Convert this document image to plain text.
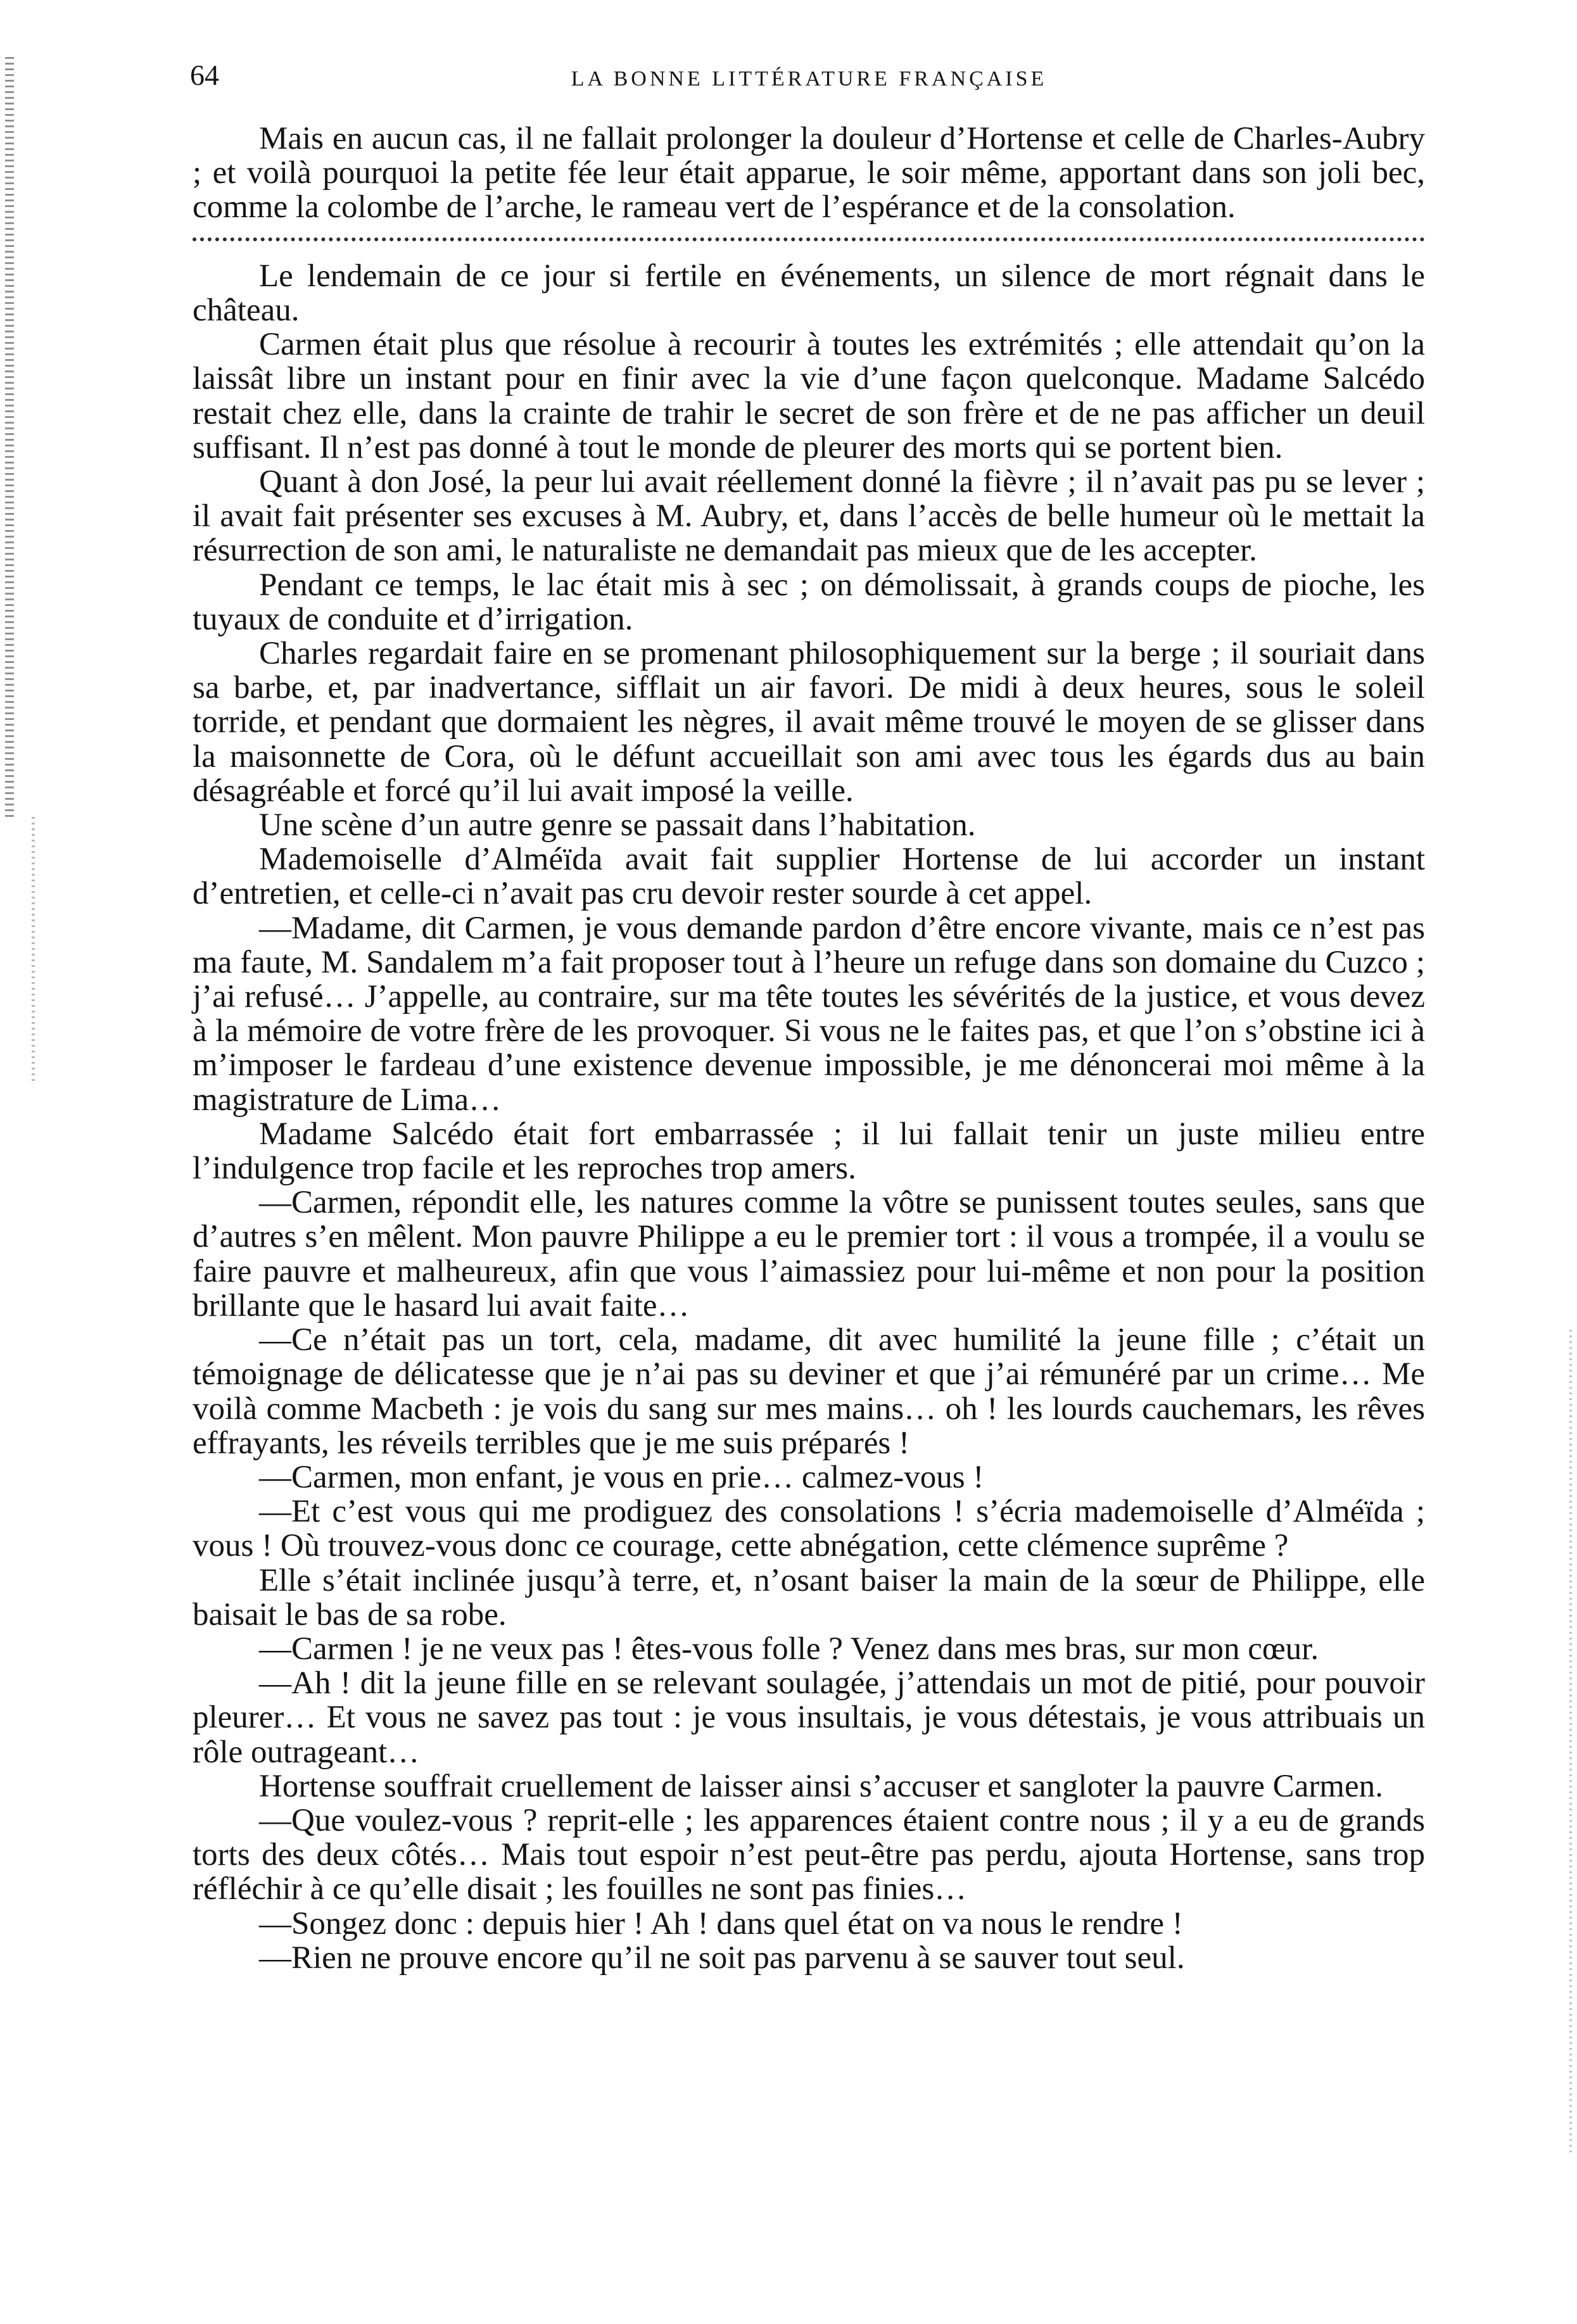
64	LA BONNE LITTÉRATURE FRANÇAISE

Mais en aucun cas, il ne fallait prolonger la douleur d’Hortense et celle de Charles-Aubry ; et voilà pourquoi la petite fée leur était apparue, le soir même, apportant dans son joli bec, comme la colombe de l’arche, le rameau vert de l’espérance et de la consolation.

Le lendemain de ce jour si fertile en événements, un silence de mort régnait dans le château.

Carmen était plus que résolue à recourir à toutes les extrémités ; elle attendait qu’on la laissât libre un instant pour en finir avec la vie d’une façon quelconque. Madame Salcédo restait chez elle, dans la crainte de trahir le secret de son frère et de ne pas afficher un deuil suffisant. Il n’est pas donné à tout le monde de pleurer des morts qui se portent bien.

Quant à don José, la peur lui avait réellement donné la fièvre ; il n’avait pas pu se lever ; il avait fait présenter ses excuses à M. Aubry, et, dans l’accès de belle humeur où le mettait la résurrection de son ami, le naturaliste ne demandait pas mieux que de les accepter.

Pendant ce temps, le lac était mis à sec ; on démolissait, à grands coups de pioche, les tuyaux de conduite et d’irrigation.

Charles regardait faire en se promenant philosophiquement sur la berge ; il souriait dans sa barbe, et, par inadvertance, sifflait un air favori. De midi à deux heures, sous le soleil torride, et pendant que dormaient les nègres, il avait même trouvé le moyen de se glisser dans la maisonnette de Cora, où le défunt accueillait son ami avec tous les égards dus au bain désagréable et forcé qu’il lui avait imposé la veille.

Une scène d’un autre genre se passait dans l’habitation.

Mademoiselle d’Alméïda avait fait supplier Hortense de lui accorder un instant d’entretien, et celle-ci n’avait pas cru devoir rester sourde à cet appel.

—Madame, dit Carmen, je vous demande pardon d’être encore vivante, mais ce n’est pas ma faute, M. Sandalem m’a fait proposer tout à l’heure un refuge dans son domaine du Cuzco ; j’ai refusé… J’appelle, au contraire, sur ma tête toutes les sévérités de la justice, et vous devez à la mémoire de votre frère de les provoquer. Si vous ne le faites pas, et que l’on s’obstine ici à m’imposer le fardeau d’une existence devenue impossible, je me dénoncerai moi même à la magistrature de Lima…

Madame Salcédo était fort embarrassée ; il lui fallait tenir un juste milieu entre l’indulgence trop facile et les reproches trop amers.

—Carmen, répondit elle, les natures comme la vôtre se punissent toutes seules, sans que d’autres s’en mêlent. Mon pauvre Philippe a eu le premier tort : il vous a trompée, il a voulu se faire pauvre et malheureux, afin que vous l’aimassiez pour lui-même et non pour la position brillante que le hasard lui avait faite…

—Ce n’était pas un tort, cela, madame, dit avec humilité la jeune fille ; c’était un témoignage de délicatesse que je n’ai pas su deviner et que j’ai rémunéré par un crime… Me voilà comme Macbeth : je vois du sang sur mes mains… oh ! les lourds cauchemars, les rêves effrayants, les réveils terribles que je me suis préparés !

—Carmen, mon enfant, je vous en prie… calmez-vous !

—Et c’est vous qui me prodiguez des consolations ! s’écria mademoiselle d’Alméïda ; vous ! Où trouvez-vous donc ce courage, cette abnégation, cette clémence suprême ?

Elle s’était inclinée jusqu’à terre, et, n’osant baiser la main de la sœur de Philippe, elle baisait le bas de sa robe.

—Carmen ! je ne veux pas ! êtes-vous folle ? Venez dans mes bras, sur mon cœur.

—Ah ! dit la jeune fille en se relevant soulagée, j’attendais un mot de pitié, pour pouvoir pleurer… Et vous ne savez pas tout : je vous insultais, je vous détestais, je vous attribuais un rôle outrageant…

Hortense souffrait cruellement de laisser ainsi s’accuser et sangloter la pauvre Carmen.

—Que voulez-vous ? reprit-elle ; les apparences étaient contre nous ; il y a eu de grands torts des deux côtés… Mais tout espoir n’est peut-être pas perdu, ajouta Hortense, sans trop réfléchir à ce qu’elle disait ; les fouilles ne sont pas finies…

—Songez donc : depuis hier ! Ah ! dans quel état on va nous le rendre !

—Rien ne prouve encore qu’il ne soit pas parvenu à se sauver tout seul.
